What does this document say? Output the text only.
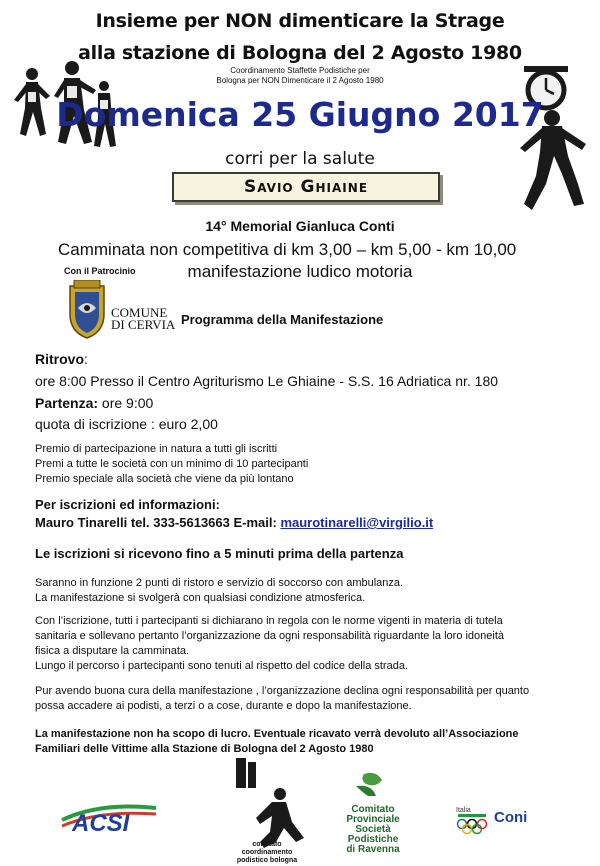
Insieme per NON dimenticare la Strage
alla stazione di Bologna del 2 Agosto 1980
Coordinamento Staffette Podistiche per
Bologna per NON Dimenticare il 2 Agosto 1980
Domenica 25 Giugno 2017
corri per la salute
Savio Ghiaine
14° Memorial Gianluca Conti
Camminata non competitiva di km 3,00 – km 5,00 - km 10,00
manifestazione ludico motoria
Con il Patrocinio
COMUNE
DI CERVIA Programma della Manifestazione
Ritrovo:
ore 8:00 Presso il Centro Agriturismo Le Ghiaine - S.S. 16 Adriatica nr. 180
Partenza: ore 9:00
quota di iscrizione : euro 2,00
Premio di partecipazione in natura a tutti gli iscritti
Premi a tutte le società con un minimo di 10 partecipanti
Premio speciale alla società che viene da più lontano
Per iscrizioni ed informazioni:
Mauro Tinarelli tel. 333-5613663 E-mail: maurotinarelli@virgilio.it
Le iscrizioni si ricevono fino a 5 minuti prima della partenza
Saranno in funzione 2 punti di ristoro e servizio di soccorso con ambulanza.
La manifestazione si svolgerà con qualsiasi condizione atmosferica.
Con l’iscrizione, tutti i partecipanti si dichiarano in regola con le norme vigenti in materia di tutela
sanitaria e sollevano pertanto l’organizzazione da ogni responsabilità riguardante la loro idoneità
fisica a disputare la camminata.
Lungo il percorso i partecipanti sono tenuti al rispetto del codice della strada.
Pur avendo buona cura della manifestazione , l’organizzazione declina ogni responsabilità per quanto
possa accadere ai podisti, a terzi o a cose, durante e dopo la manifestazione.
La manifestazione non ha scopo di lucro. Eventuale ricavato verrà devoluto all’Associazione
Familiari delle Vittime alla Stazione di Bologna del 2 Agosto 1980
ACSI
comitato
coordinamento
podistico bologna
Comitato
Provinciale
Società
Podistiche
di Ravenna
Italia Coni
